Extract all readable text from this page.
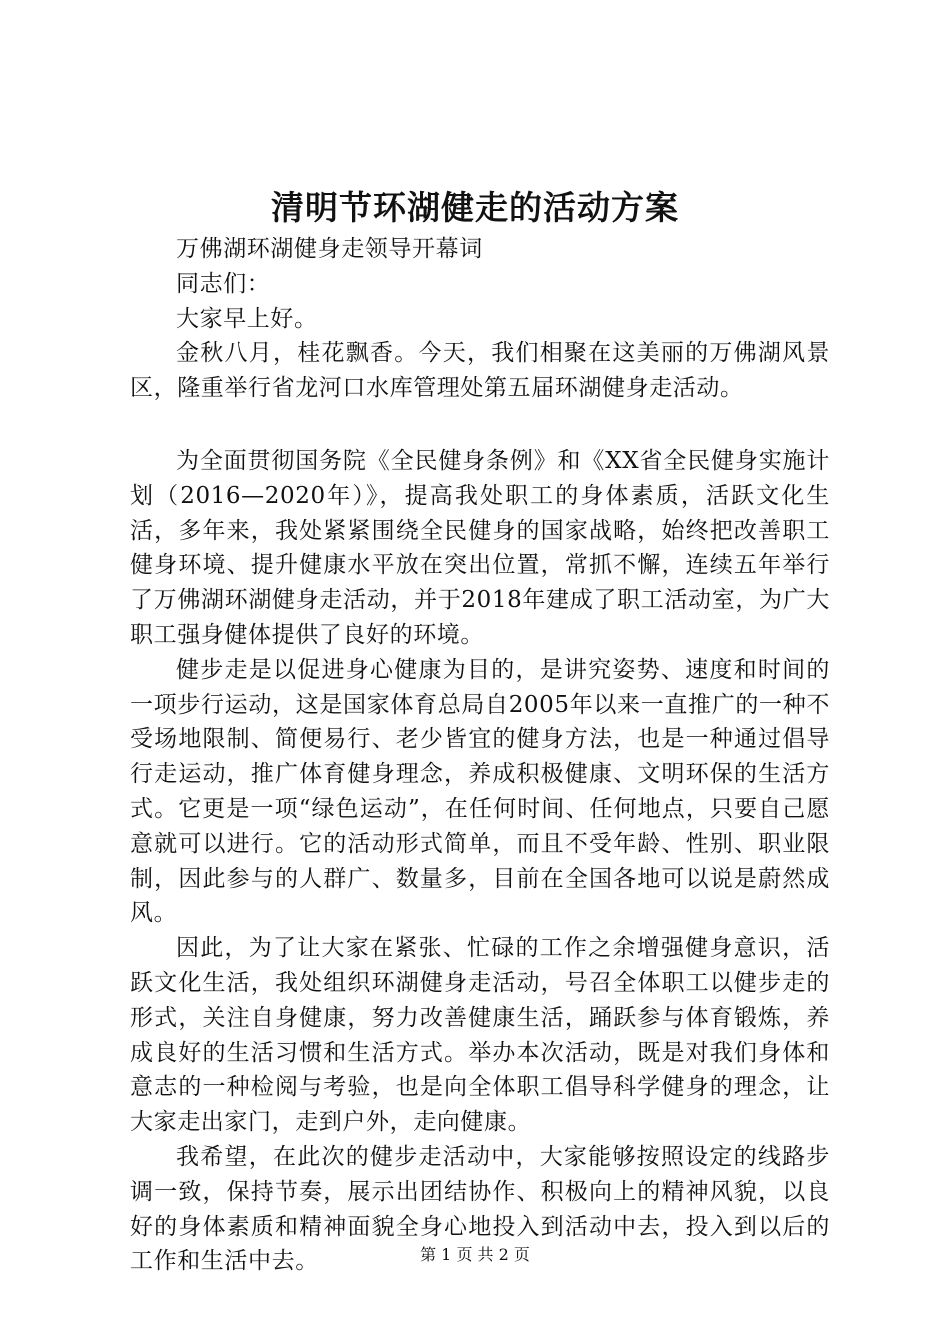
清明节环湖健走的活动方案

万佛湖环湖健身走领导开幕词

同志们：

大家早上好。

金秋八月，桂花飘香。今天，我们相聚在这美丽的万佛湖风景区，隆重举行省龙河口水库管理处第五届环湖健身走活动。

为全面贯彻国务院《全民健身条例》和《XX省全民健身实施计划（2016—2020年）》，提高我处职工的身体素质，活跃文化生活，多年来，我处紧紧围绕全民健身的国家战略，始终把改善职工健身环境、提升健康水平放在突出位置，常抓不懈，连续五年举行了万佛湖环湖健身走活动，并于2018年建成了职工活动室，为广大职工强身健体提供了良好的环境。

健步走是以促进身心健康为目的，是讲究姿势、速度和时间的一项步行运动，这是国家体育总局自2005年以来一直推广的一种不受场地限制、简便易行、老少皆宜的健身方法，也是一种通过倡导行走运动，推广体育健身理念，养成积极健康、文明环保的生活方式。它更是一项“绿色运动”，在任何时间、任何地点，只要自己愿意就可以进行。它的活动形式简单，而且不受年龄、性别、职业限制，因此参与的人群广、数量多，目前在全国各地可以说是蔚然成风。

因此，为了让大家在紧张、忙碌的工作之余增强健身意识，活跃文化生活，我处组织环湖健身走活动，号召全体职工以健步走的形式，关注自身健康，努力改善健康生活，踊跃参与体育锻炼，养成良好的生活习惯和生活方式。举办本次活动，既是对我们身体和意志的一种检阅与考验，也是向全体职工倡导科学健身的理念，让大家走出家门，走到户外，走向健康。

我希望，在此次的健步走活动中，大家能够按照设定的线路步调一致，保持节奏，展示出团结协作、积极向上的精神风貌，以良好的身体素质和精神面貌全身心地投入到活动中去，投入到以后的工作和生活中去。	第 1 页 共 2 页
